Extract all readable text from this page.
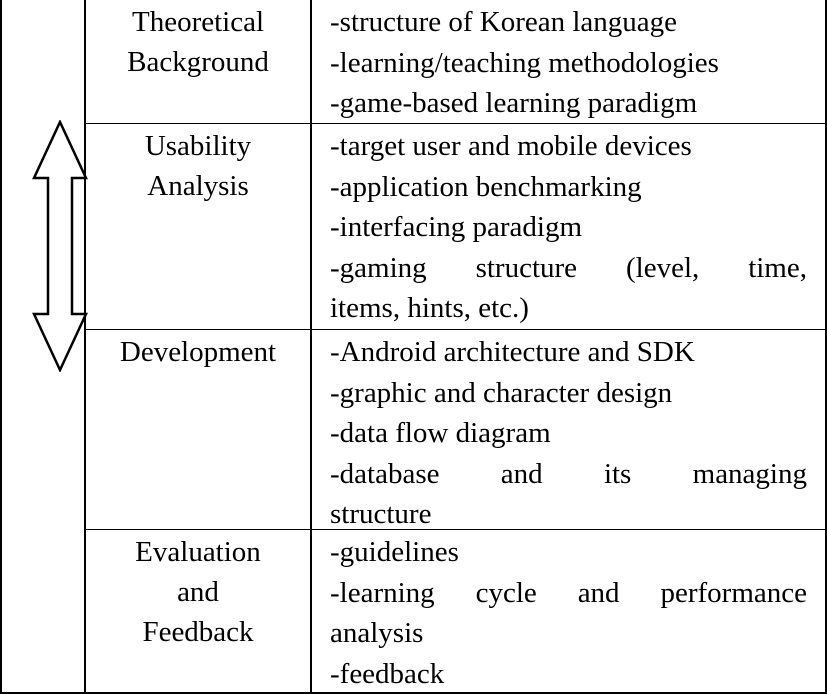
Theoretical
Background
-structure of Korean language
-learning/teaching methodologies
-game-based learning paradigm
Usability
Analysis
-target user and mobile devices
-application benchmarking
-interfacing paradigm
-gaming structure (level, time,
items, hints, etc.)
Development	-Android architecture and SDK
-graphic and character design
-data flow diagram
-database and its managing
structure
Evaluation
and
Feedback
-guidelines
-learning cycle and performance
analysis
-feedback
